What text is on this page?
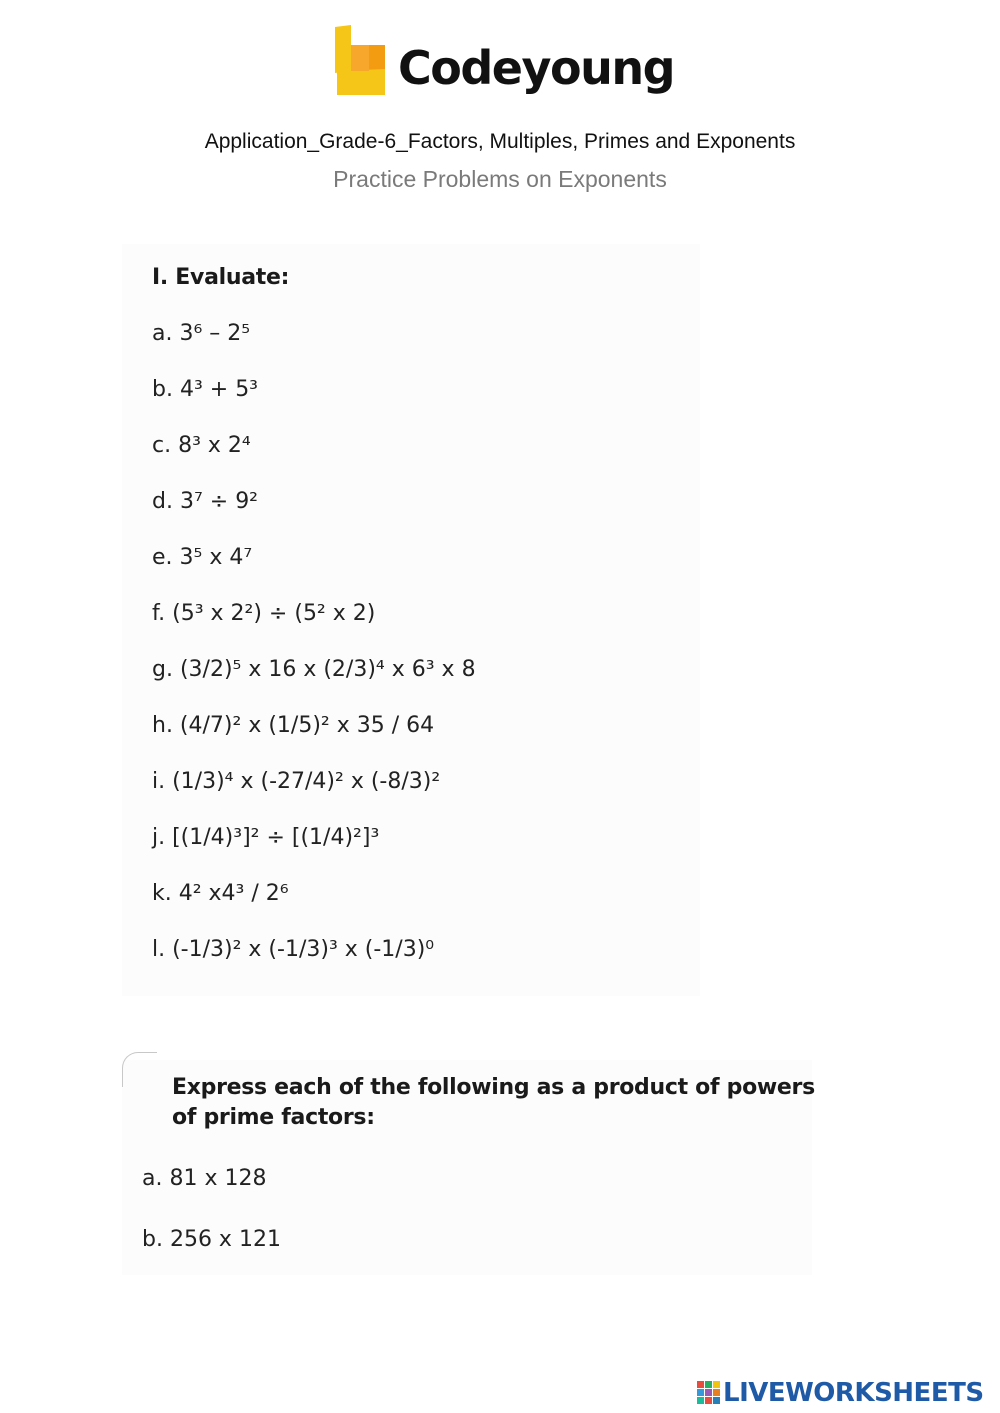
Codeyoung
Application_Grade-6_Factors, Multiples, Primes and Exponents
Practice Problems on Exponents
I. Evaluate:
a. 3⁶ – 2⁵
b. 4³ + 5³
c. 8³ x 2⁴
d. 3⁷ ÷ 9²
e. 3⁵ x 4⁷
f. (5³ x 2²) ÷ (5² x 2)
g. (3/2)⁵ x 16 x (2/3)⁴ x 6³ x 8
h. (4/7)² x (1/5)² x 35 / 64
i. (1/3)⁴ x (-27/4)² x (-8/3)²
j. [(1/4)³]² ÷ [(1/4)²]³
k. 4² x4³ / 2⁶
l. (-1/3)² x (-1/3)³ x (-1/3)⁰
Express each of the following as a product of powers
of prime factors:
a. 81 x 128
b. 256 x 121
LIVEWORKSHEETS
